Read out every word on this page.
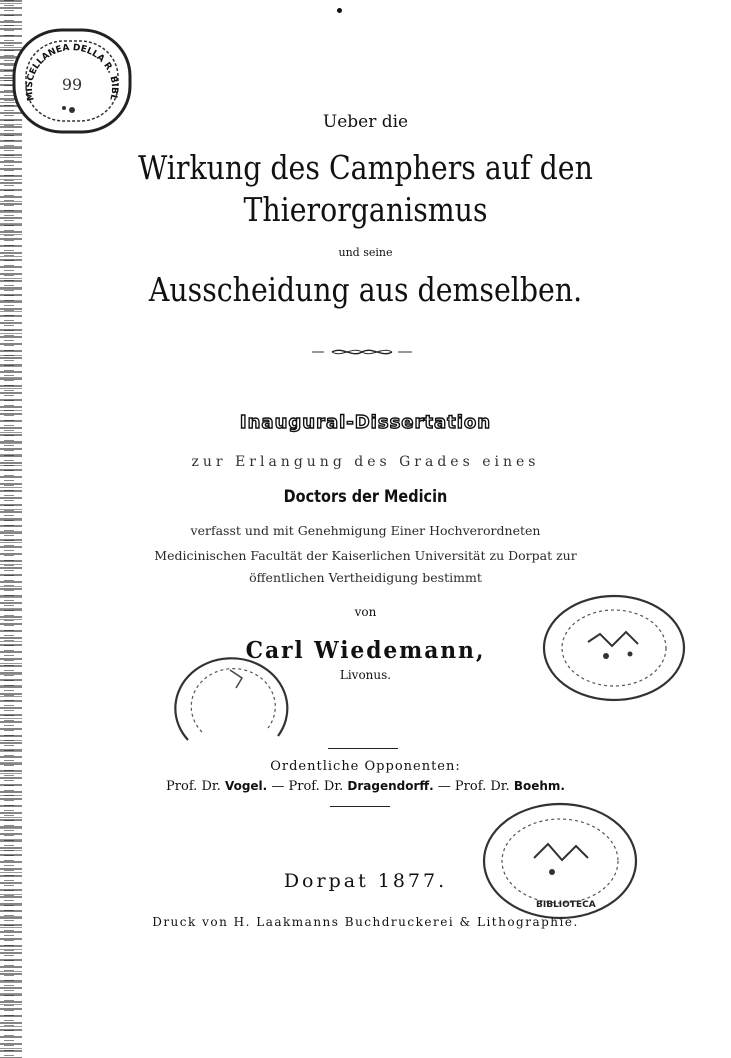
MISCELLANEA DELLA R. BIBL
99
Ueber die
Wirkung des Camphers auf den
Thierorganismus
und seine
Ausscheidung aus demselben.
Inaugural-Dissertation
zur Erlangung des Grades eines
Doctors der Medicin
verfasst und mit Genehmigung Einer Hochverordneten
Medicinischen Facultät der Kaiserlichen Universität zu Dorpat zur
öffentlichen Vertheidigung bestimmt
von
Carl Wiedemann,
Livonus.
Ordentliche Opponenten:
Prof. Dr. Vogel. — Prof. Dr. Dragendorff. — Prof. Dr. Boehm.
BIBLIOTECA
Dorpat 1877.
Druck von H. Laakmanns Buchdruckerei & Lithographie.
